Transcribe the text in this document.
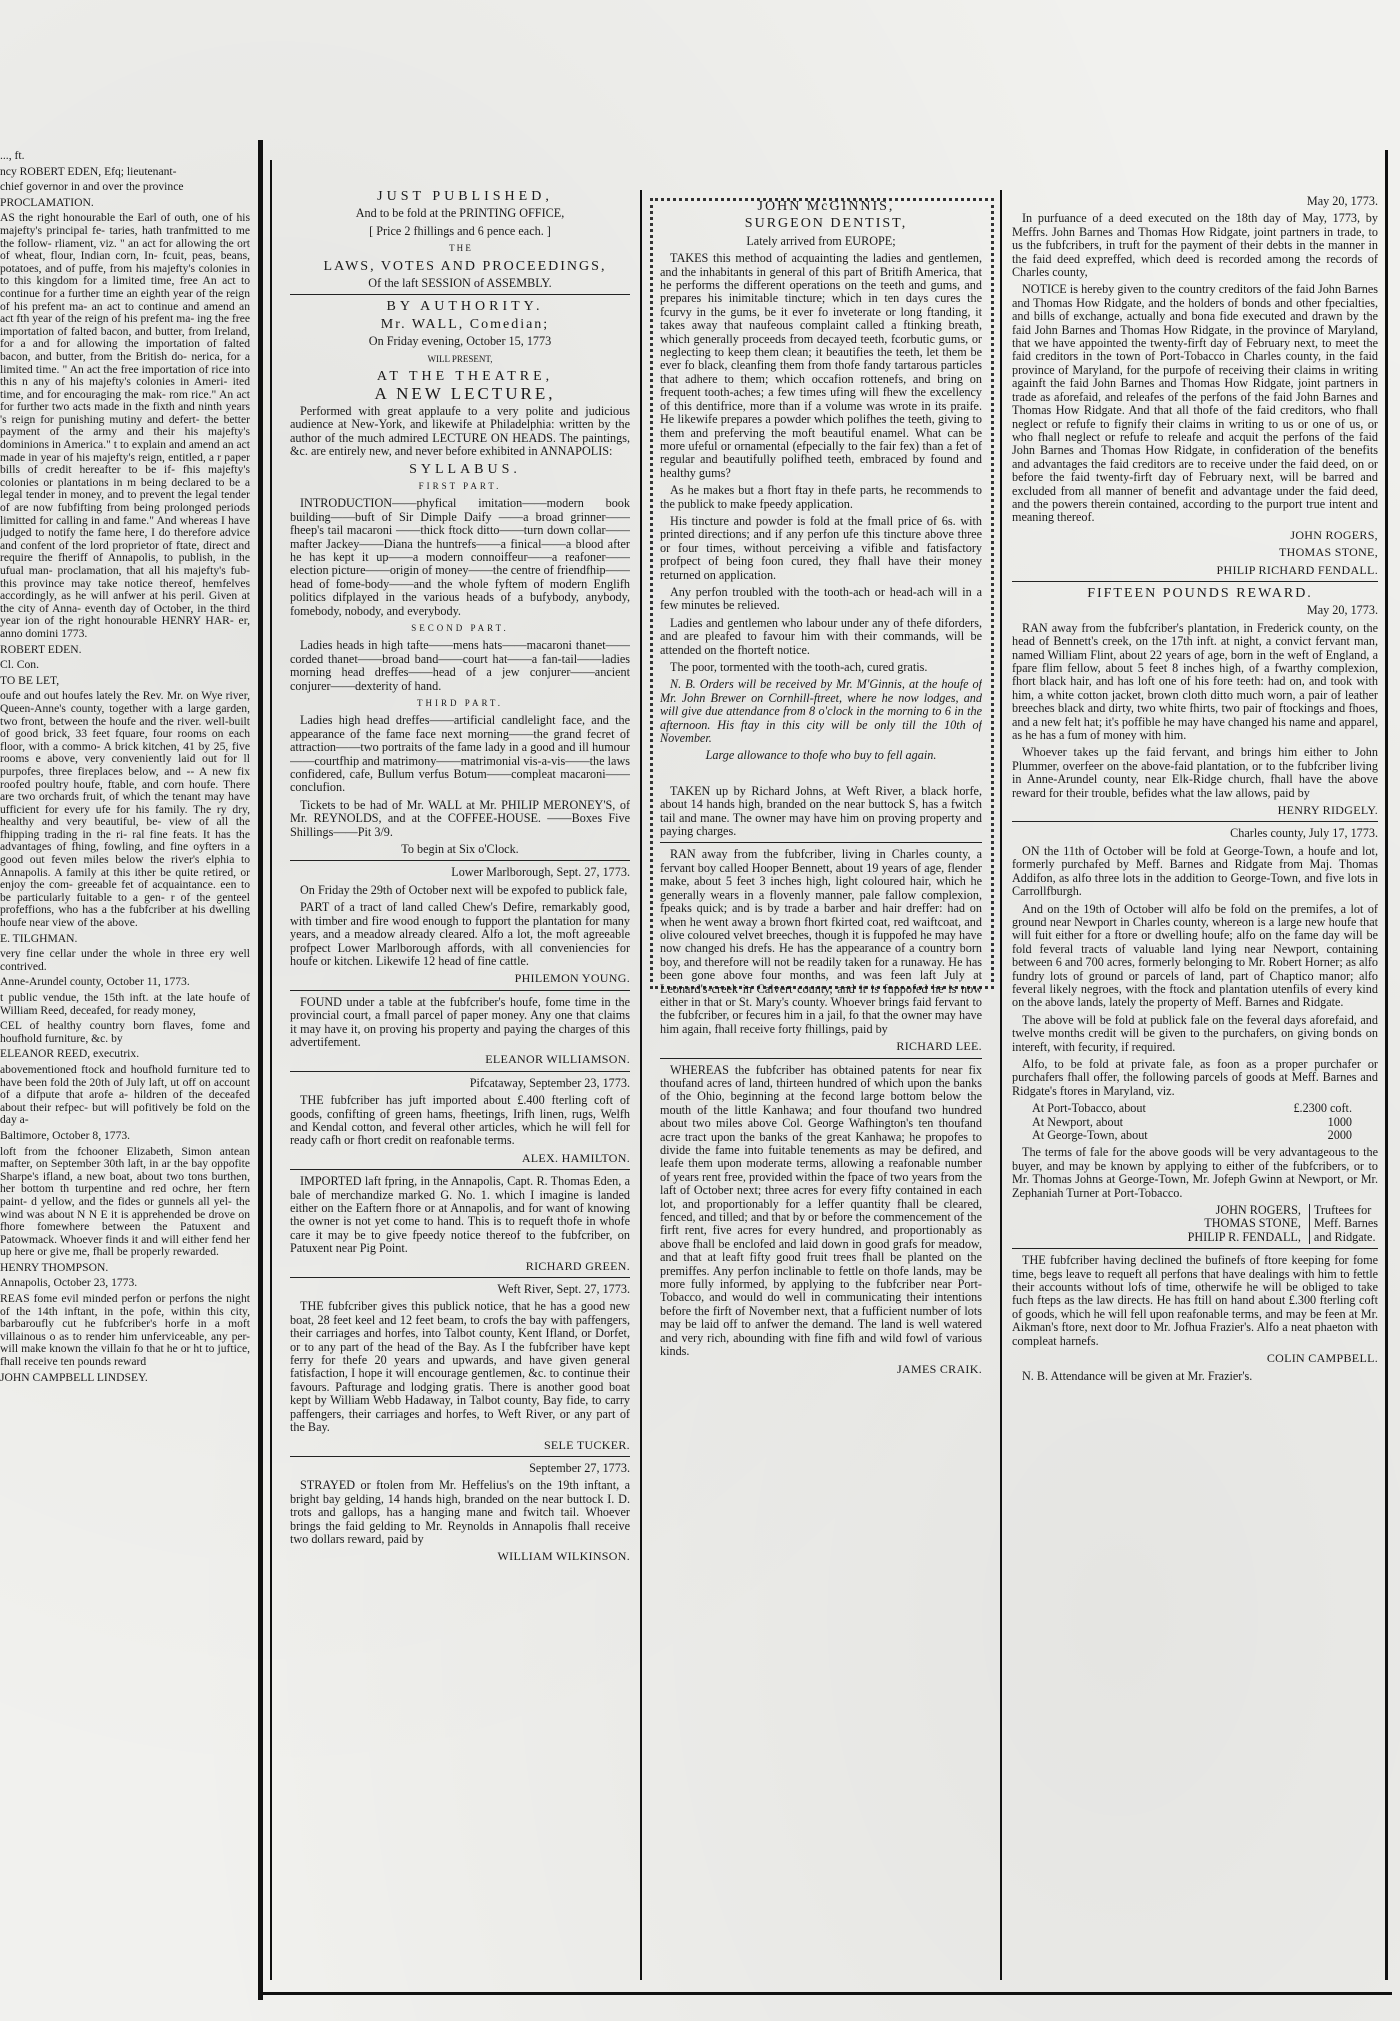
..., ft.

ncy ROBERT EDEN, Efq; lieutenant-

chief governor in and over the province

PROCLAMATION.

AS the right honourable the Earl of outh, one of his majefty's principal fe- taries, hath tranfmitted to me the follow- rliament, viz. " an act for allowing the ort of wheat, flour, Indian corn, In- fcuit, peas, beans, potatoes, and of puffe, from his majefty's colonies in to this kingdom for a limited time, free An act to continue for a further time an eighth year of the reign of his prefent ma- an act to continue and amend an act fth year of the reign of his prefent ma- ing the free importation of falted bacon, and butter, from Ireland, for a and for allowing the importation of falted bacon, and butter, from the British do- nerica, for a limited time. " An act the free importation of rice into this n any of his majefty's colonies in Ameri- ited time, and for encouraging the mak- rom rice." An act for further two acts made in the fixth and ninth years 's reign for punishing mutiny and defert- the better payment of the army and their his majefty's dominions in America." t to explain and amend an act made in year of his majefty's reign, entitled, a r paper bills of credit hereafter to be if- fhis majefty's colonies or plantations in m being declared to be a legal tender in money, and to prevent the legal tender of are now fubfifting from being prolonged periods limitted for calling in and fame." And whereas I have judged to notify the fame here, I do therefore advice and confent of the lord proprietor of ftate, direct and require the fheriff of Annapolis, to publish, in the ufual man- proclamation, that all his majefty's fub- this province may take notice thereof, hemfelves accordingly, as he will anfwer at his peril. Given at the city of Anna- eventh day of October, in the third year ion of the right honourable HENRY HAR- er, anno domini 1773.

ROBERT EDEN.

Cl. Con.

TO BE LET,

oufe and out houfes lately the Rev. Mr. on Wye river, Queen-Anne's county, together with a large garden, two front, between the houfe and the river. well-built of good brick, 33 feet fquare, four rooms on each floor, with a commo- A brick kitchen, 41 by 25, five rooms e above, very conveniently laid out for ll purpofes, three fireplaces below, and -- A new fix roofed poultry houfe, ftable, and corn houfe. There are two orchards fruit, of which the tenant may have ufficient for every ufe for his family. The ry dry, healthy and very beautiful, be- view of all the fhipping trading in the ri- ral fine feats. It has the advantages of fhing, fowling, and fine oyfters in a good out feven miles below the river's elphia to Annapolis. A family at this ither be quite retired, or enjoy the com- greeable fet of acquaintance. een to be particularly fuitable to a gen- r of the genteel profeffions, who has a the fubfcriber at his dwelling houfe near view of the above.

E. TILGHMAN.

very fine cellar under the whole in three ery well contrived.

Anne-Arundel county, October 11, 1773.

t public vendue, the 15th inft. at the late houfe of William Reed, deceafed, for ready money,

CEL of healthy country born flaves, fome and houfhold furniture, &c. by

ELEANOR REED, executrix.

abovementioned ftock and houfhold furniture ted to have been fold the 20th of July laft, ut off on account of a difpute that arofe a- hildren of the deceafed about their refpec- but will pofitively be fold on the day a-

Baltimore, October 8, 1773.

loft from the fchooner Elizabeth, Simon antean mafter, on September 30th laft, in ar the bay oppofite Sharpe's ifland, a new boat, about two tons burthen, her bottom th turpentine and red ochre, her ftern paint- d yellow, and the fides or gunnels all yel- the wind was about N N E it is apprehended be drove on fhore fomewhere between the Patuxent and Patowmack. Whoever finds it and will either fend her up here or give me, fhall be properly rewarded.

HENRY THOMPSON.

Annapolis, October 23, 1773.

REAS fome evil minded perfon or perfons the night of the 14th inftant, in the pofe, within this city, barbaroufly cut he fubfcriber's horfe in a moft villainous o as to render him unferviceable, any per- will make known the villain fo that he or ht to juftice, fhall receive ten pounds reward

JOHN CAMPBELL LINDSEY.

JUST PUBLISHED,

And to be fold at the PRINTING OFFICE,

[ Price 2 fhillings and 6 pence each. ]

T H E

LAWS, VOTES AND PROCEEDINGS,

Of the laft SESSION of ASSEMBLY.

BY AUTHORITY.

Mr. WALL, Comedian;

On Friday evening, October 15, 1773

WILL PRESENT,

AT THE THEATRE,

A NEW LECTURE,

Performed with great applaufe to a very polite and judicious audience at New-York, and likewife at Philadelphia: written by the author of the much admired LECTURE ON HEADS. The paintings, &c. are entirely new, and never before exhibited in ANNAPOLIS:

SYLLABUS.

FIRST PART.

INTRODUCTION——phyfical imitation——modern book building——buft of Sir Dimple Daify ——a broad grinner——fheep's tail macaroni ——thick ftock ditto——turn down collar——mafter Jackey——Diana the huntrefs——a finical——a blood after he has kept it up——a modern connoiffeur——a reafoner——election picture——origin of money——the centre of friendfhip——head of fome-body——and the whole fyftem of modern Englifh politics difplayed in the various heads of a bufybody, anybody, fomebody, nobody, and everybody.

SECOND PART.

Ladies heads in high tafte——mens hats——macaroni thanet——corded thanet——broad band——court hat——a fan-tail——ladies morning head dreffes——head of a jew conjurer——ancient conjurer——dexterity of hand.

THIRD PART.

Ladies high head dreffes——artificial candlelight face, and the appearance of the fame face next morning——the grand fecret of attraction——two portraits of the fame lady in a good and ill humour——courtfhip and matrimony——matrimonial vis-a-vis——the laws confidered, cafe, Bullum verfus Botum——compleat macaroni——conclufion.

Tickets to be had of Mr. WALL at Mr. PHILIP MERONEY'S, of Mr. REYNOLDS, and at the COFFEE-HOUSE. ——Boxes Five Shillings——Pit 3/9.

To begin at Six o'Clock.

Lower Marlborough, Sept. 27, 1773.

On Friday the 29th of October next will be expofed to publick fale,

PART of a tract of land called Chew's Defire, remarkably good, with timber and fire wood enough to fupport the plantation for many years, and a meadow already cleared. Alfo a lot, the moft agreeable profpect Lower Marlborough affords, with all conveniencies for houfe or kitchen. Likewife 12 head of fine cattle.

PHILEMON YOUNG.

FOUND under a table at the fubfcriber's houfe, fome time in the provincial court, a fmall parcel of paper money. Any one that claims it may have it, on proving his property and paying the charges of this advertifement.

ELEANOR WILLIAMSON.

Pifcataway, September 23, 1773.

THE fubfcriber has juft imported about £.400 fterling coft of goods, confifting of green hams, fheetings, Irifh linen, rugs, Welfh and Kendal cotton, and feveral other articles, which he will fell for ready cafh or fhort credit on reafonable terms.

ALEX. HAMILTON.

IMPORTED laft fpring, in the Annapolis, Capt. R. Thomas Eden, a bale of merchandize marked G. No. 1. which I imagine is landed either on the Eaftern fhore or at Annapolis, and for want of knowing the owner is not yet come to hand. This is to requeft thofe in whofe care it may be to give fpeedy notice thereof to the fubfcriber, on Patuxent near Pig Point.

RICHARD GREEN.

Weft River, Sept. 27, 1773.

THE fubfcriber gives this publick notice, that he has a good new boat, 28 feet keel and 12 feet beam, to crofs the bay with paffengers, their carriages and horfes, into Talbot county, Kent Ifland, or Dorfet, or to any part of the head of the Bay. As I the fubfcriber have kept ferry for thefe 20 years and upwards, and have given general fatisfaction, I hope it will encourage gentlemen, &c. to continue their favours. Pafturage and lodging gratis. There is another good boat kept by William Webb Hadaway, in Talbot county, Bay fide, to carry paffengers, their carriages and horfes, to Weft River, or any part of the Bay.

SELE TUCKER.

September 27, 1773.

STRAYED or ftolen from Mr. Heffelius's on the 19th inftant, a bright bay gelding, 14 hands high, branded on the near buttock I. D. trots and gallops, has a hanging mane and fwitch tail. Whoever brings the faid gelding to Mr. Reynolds in Annapolis fhall receive two dollars reward, paid by

WILLIAM WILKINSON.

JOHN McGINNIS,

SURGEON DENTIST,

Lately arrived from EUROPE;

TAKES this method of acquainting the ladies and gentlemen, and the inhabitants in general of this part of Britifh America, that he performs the different operations on the teeth and gums, and prepares his inimitable tincture; which in ten days cures the fcurvy in the gums, be it ever fo inveterate or long ftanding, it takes away that naufeous complaint called a ftinking breath, which generally proceeds from decayed teeth, fcorbutic gums, or neglecting to keep them clean; it beautifies the teeth, let them be ever fo black, cleanfing them from thofe fandy tartarous particles that adhere to them; which occafion rottenefs, and bring on frequent tooth-aches; a few times ufing will fhew the excellency of this dentifrice, more than if a volume was wrote in its praife. He likewife prepares a powder which polifhes the teeth, giving to them and preferving the moft beautiful enamel. What can be more ufeful or ornamental (efpecially to the fair fex) than a fet of regular and beautifully polifhed teeth, embraced by found and healthy gums?

As he makes but a fhort ftay in thefe parts, he recommends to the publick to make fpeedy application.

His tincture and powder is fold at the fmall price of 6s. with printed directions; and if any perfon ufe this tincture above three or four times, without perceiving a vifible and fatisfactory profpect of being foon cured, they fhall have their money returned on application.

Any perfon troubled with the tooth-ach or head-ach will in a few minutes be relieved.

Ladies and gentlemen who labour under any of thefe diforders, and are pleafed to favour him with their commands, will be attended on the fhorteft notice.

The poor, tormented with the tooth-ach, cured gratis.

N. B. Orders will be received by Mr. M'Ginnis, at the houfe of Mr. John Brewer on Cornhill-ftreet, where he now lodges, and will give due attendance from 8 o'clock in the morning to 6 in the afternoon. His ftay in this city will be only till the 10th of November.

Large allowance to thofe who buy to fell again.

TAKEN up by Richard Johns, at Weft River, a black horfe, about 14 hands high, branded on the near buttock S, has a fwitch tail and mane. The owner may have him on proving property and paying charges.

RAN away from the fubfcriber, living in Charles county, a fervant boy called Hooper Bennett, about 19 years of age, flender make, about 5 feet 3 inches high, light coloured hair, which he generally wears in a flovenly manner, pale fallow complexion, fpeaks quick; and is by trade a barber and hair dreffer: had on when he went away a brown fhort fkirted coat, red waiftcoat, and olive coloured velvet breeches, though it is fuppofed he may have now changed his drefs. He has the appearance of a country born boy, and therefore will not be readily taken for a runaway. He has been gone above four months, and was feen laft July at Leonard's-creek in Calvert county, and it is fuppofed he is now either in that or St. Mary's county. Whoever brings faid fervant to the fubfcriber, or fecures him in a jail, fo that the owner may have him again, fhall receive forty fhillings, paid by

RICHARD LEE.

WHEREAS the fubfcriber has obtained patents for near fix thoufand acres of land, thirteen hundred of which upon the banks of the Ohio, beginning at the fecond large bottom below the mouth of the little Kanhawa; and four thoufand two hundred about two miles above Col. George Wafhington's ten thoufand acre tract upon the banks of the great Kanhawa; he propofes to divide the fame into fuitable tenements as may be defired, and leafe them upon moderate terms, allowing a reafonable number of years rent free, provided within the fpace of two years from the laft of October next; three acres for every fifty contained in each lot, and proportionably for a leffer quantity fhall be cleared, fenced, and tilled; and that by or before the commencement of the firft rent, five acres for every hundred, and proportionably as above fhall be enclofed and laid down in good grafs for meadow, and that at leaft fifty good fruit trees fhall be planted on the premiffes. Any perfon inclinable to fettle on thofe lands, may be more fully informed, by applying to the fubfcriber near Port-Tobacco, and would do well in communicating their intentions before the firft of November next, that a fufficient number of lots may be laid off to anfwer the demand. The land is well watered and very rich, abounding with fine fifh and wild fowl of various kinds.

JAMES CRAIK.

May 20, 1773.

In purfuance of a deed executed on the 18th day of May, 1773, by Meffrs. John Barnes and Thomas How Ridgate, joint partners in trade, to us the fubfcribers, in truft for the payment of their debts in the manner in the faid deed expreffed, which deed is recorded among the records of Charles county,

NOTICE is hereby given to the country creditors of the faid John Barnes and Thomas How Ridgate, and the holders of bonds and other fpecialties, and bills of exchange, actually and bona fide executed and drawn by the faid John Barnes and Thomas How Ridgate, in the province of Maryland, that we have appointed the twenty-firft day of February next, to meet the faid creditors in the town of Port-Tobacco in Charles county, in the faid province of Maryland, for the purpofe of receiving their claims in writing againft the faid John Barnes and Thomas How Ridgate, joint partners in trade as aforefaid, and releafes of the perfons of the faid John Barnes and Thomas How Ridgate. And that all thofe of the faid creditors, who fhall neglect or refufe to fignify their claims in writing to us or one of us, or who fhall neglect or refufe to releafe and acquit the perfons of the faid John Barnes and Thomas How Ridgate, in confideration of the benefits and advantages the faid creditors are to receive under the faid deed, on or before the faid twenty-firft day of February next, will be barred and excluded from all manner of benefit and advantage under the faid deed, and the powers therein contained, according to the purport true intent and meaning thereof.

JOHN ROGERS,

THOMAS STONE,

PHILIP RICHARD FENDALL.

FIFTEEN POUNDS REWARD.

May 20, 1773.

RAN away from the fubfcriber's plantation, in Frederick county, on the head of Bennett's creek, on the 17th inft. at night, a convict fervant man, named William Flint, about 22 years of age, born in the weft of England, a fpare flim fellow, about 5 feet 8 inches high, of a fwarthy complexion, fhort black hair, and has loft one of his fore teeth: had on, and took with him, a white cotton jacket, brown cloth ditto much worn, a pair of leather breeches black and dirty, two white fhirts, two pair of ftockings and fhoes, and a new felt hat; it's poffible he may have changed his name and apparel, as he has a fum of money with him.

Whoever takes up the faid fervant, and brings him either to John Plummer, overfeer on the above-faid plantation, or to the fubfcriber living in Anne-Arundel county, near Elk-Ridge church, fhall have the above reward for their trouble, befides what the law allows, paid by

HENRY RIDGELY.

Charles county, July 17, 1773.

ON the 11th of October will be fold at George-Town, a houfe and lot, formerly purchafed by Meff. Barnes and Ridgate from Maj. Thomas Addifon, as alfo three lots in the addition to George-Town, and five lots in Carrollfburgh.

And on the 19th of October will alfo be fold on the premifes, a lot of ground near Newport in Charles county, whereon is a large new houfe that will fuit either for a ftore or dwelling houfe; alfo on the fame day will be fold feveral tracts of valuable land lying near Newport, containing between 6 and 700 acres, formerly belonging to Mr. Robert Horner; as alfo fundry lots of ground or parcels of land, part of Chaptico manor; alfo feveral likely negroes, with the ftock and plantation utenfils of every kind on the above lands, lately the property of Meff. Barnes and Ridgate.

The above will be fold at publick fale on the feveral days aforefaid, and twelve months credit will be given to the purchafers, on giving bonds on intereft, with fecurity, if required.

Alfo, to be fold at private fale, as foon as a proper purchafer or purchafers fhall offer, the following parcels of goods at Meff. Barnes and Ridgate's ftores in Maryland, viz.

At Port-Tobacco, about	£.2300 coft.
At Newport, about	1000
At George-Town, about	2000

The terms of fale for the above goods will be very advantageous to the buyer, and may be known by applying to either of the fubfcribers, or to Mr. Thomas Johns at George-Town, Mr. Jofeph Gwinn at Newport, or Mr. Zephaniah Turner at Port-Tobacco.

JOHN ROGERS,
THOMAS STONE,
PHILIP R. FENDALL,
Truftees for
Meff. Barnes
and Ridgate.

THE fubfcriber having declined the bufinefs of ftore keeping for fome time, begs leave to requeft all perfons that have dealings with him to fettle their accounts without lofs of time, otherwife he will be obliged to take fuch fteps as the law directs. He has ftill on hand about £.300 fterling coft of goods, which he will fell upon reafonable terms, and may be feen at Mr. Aikman's ftore, next door to Mr. Jofhua Frazier's. Alfo a neat phaeton with compleat harnefs.

COLIN CAMPBELL.

N. B. Attendance will be given at Mr. Frazier's.
